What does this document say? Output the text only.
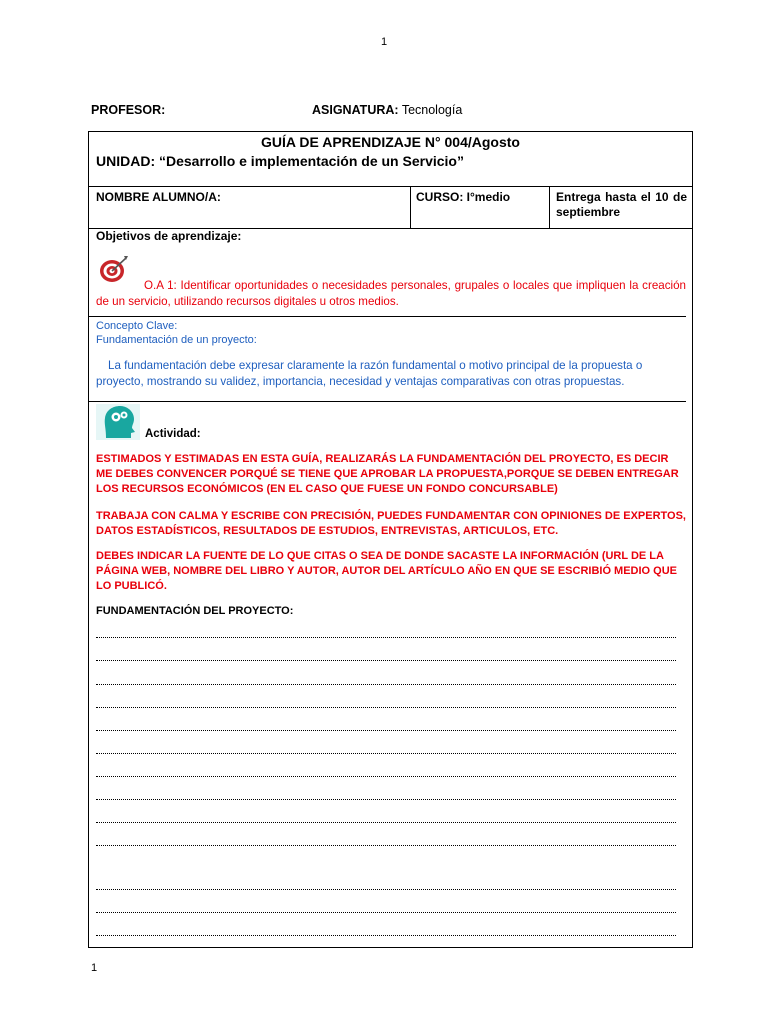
1
PROFESOR:	ASIGNATURA: Tecnología
GUÍA DE APRENDIZAJE N° 004/Agosto
UNIDAD: “Desarrollo e implementación de un Servicio”
NOMBRE ALUMNO/A:	CURSO: I°medio	Entrega hasta el 10 de septiembre
Objetivos de aprendizaje:
O.A 1: Identificar oportunidades o necesidades personales, grupales o locales que impliquen la creación de un servicio, utilizando recursos digitales u otros medios.
Concepto Clave:
Fundamentación de un proyecto:
La fundamentación debe expresar claramente la razón fundamental o motivo principal de la propuesta o proyecto, mostrando su validez, importancia, necesidad y ventajas comparativas con otras propuestas.
Actividad:
ESTIMADOS Y ESTIMADAS EN ESTA GUÍA, REALIZARÁS LA FUNDAMENTACIÓN DEL PROYECTO, ES DECIR ME DEBES CONVENCER PORQUÉ SE TIENE QUE APROBAR LA PROPUESTA,PORQUE SE DEBEN ENTREGAR LOS RECURSOS ECONÓMICOS (EN EL CASO QUE FUESE UN FONDO CONCURSABLE)
TRABAJA CON CALMA Y ESCRIBE CON PRECISIÓN, PUEDES FUNDAMENTAR CON OPINIONES DE EXPERTOS, DATOS ESTADÍSTICOS, RESULTADOS DE ESTUDIOS, ENTREVISTAS, ARTICULOS, ETC.
DEBES INDICAR LA FUENTE DE LO QUE CITAS O SEA DE DONDE SACASTE LA INFORMACIÓN (URL DE LA PÁGINA WEB, NOMBRE DEL LIBRO Y AUTOR, AUTOR DEL ARTÍCULO AÑO EN QUE SE ESCRIBIÓ MEDIO QUE LO PUBLICÓ.
FUNDAMENTACIÓN DEL PROYECTO:
1
